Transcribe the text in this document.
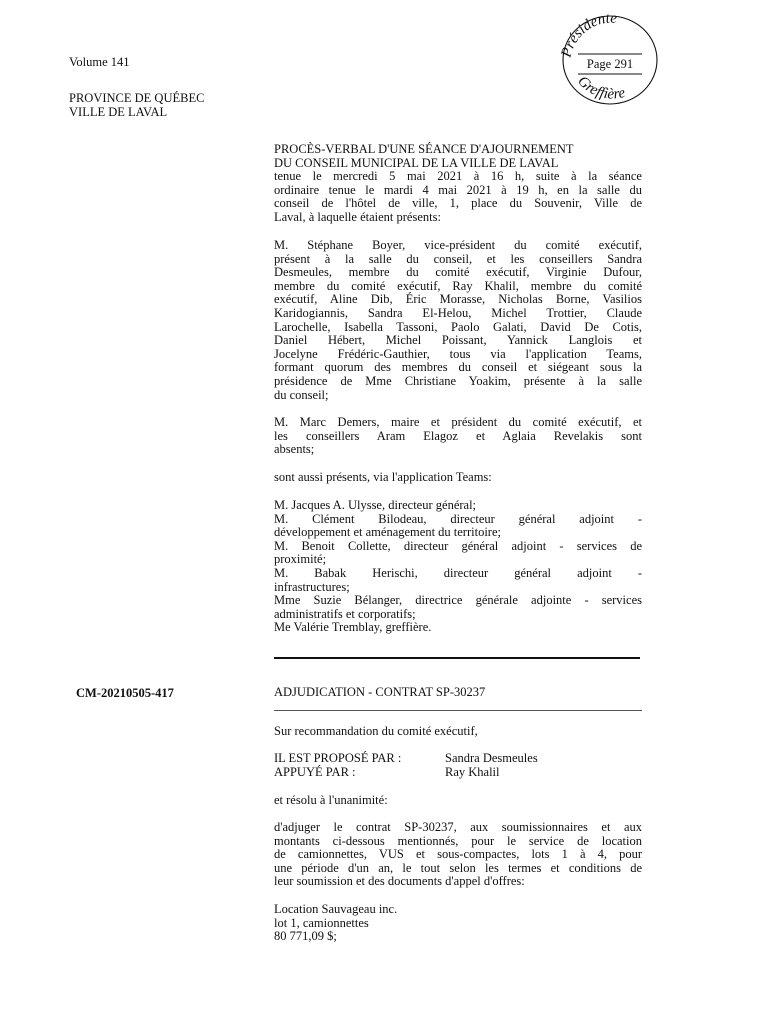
Volume 141
PROVINCE DE QUÉBEC
VILLE DE LAVAL
Présidente
Greffière
Page 291
PROCÈS-VERBAL D'UNE SÉANCE D'AJOURNEMENT
DU CONSEIL MUNICIPAL DE LA VILLE DE LAVAL
tenue le mercredi 5 mai 2021 à 16 h, suite à la séance
ordinaire tenue le mardi 4 mai 2021 à 19 h, en la salle du
conseil de l'hôtel de ville, 1, place du Souvenir, Ville de
Laval, à laquelle étaient présents:
M. Stéphane Boyer, vice-président du comité exécutif,
présent à la salle du conseil, et les conseillers Sandra
Desmeules, membre du comité exécutif, Virginie Dufour,
membre du comité exécutif, Ray Khalil, membre du comité
exécutif, Aline Dib, Éric Morasse, Nicholas Borne, Vasilios
Karidogiannis, Sandra El-Helou, Michel Trottier, Claude
Larochelle, Isabella Tassoni, Paolo Galati, David De Cotis,
Daniel Hébert, Michel Poissant, Yannick Langlois et
Jocelyne Frédéric-Gauthier, tous via l'application Teams,
formant quorum des membres du conseil et siégeant sous la
présidence de Mme Christiane Yoakim, présente à la salle
du conseil;
M. Marc Demers, maire et président du comité exécutif, et
les conseillers Aram Elagoz et Aglaia Revelakis sont
absents;
sont aussi présents, via l'application Teams:
M. Jacques A. Ulysse, directeur général;
M. Clément Bilodeau, directeur général adjoint -
développement et aménagement du territoire;
M. Benoit Collette, directeur général adjoint - services de
proximité;
M. Babak Herischi, directeur général adjoint -
infrastructures;
Mme Suzie Bélanger, directrice générale adjointe - services
administratifs et corporatifs;
Me Valérie Tremblay, greffière.
CM-20210505-417	ADJUDICATION - CONTRAT SP-30237
Sur recommandation du comité exécutif,
IL EST PROPOSÉ PAR :	Sandra Desmeules
APPUYÉ PAR :	Ray Khalil
et résolu à l'unanimité:
d'adjuger le contrat SP-30237, aux soumissionnaires et aux
montants ci-dessous mentionnés, pour le service de location
de camionnettes, VUS et sous-compactes, lots 1 à 4, pour
une période d'un an, le tout selon les termes et conditions de
leur soumission et des documents d'appel d'offres:
Location Sauvageau inc.
lot 1, camionnettes
80 771,09 $;
